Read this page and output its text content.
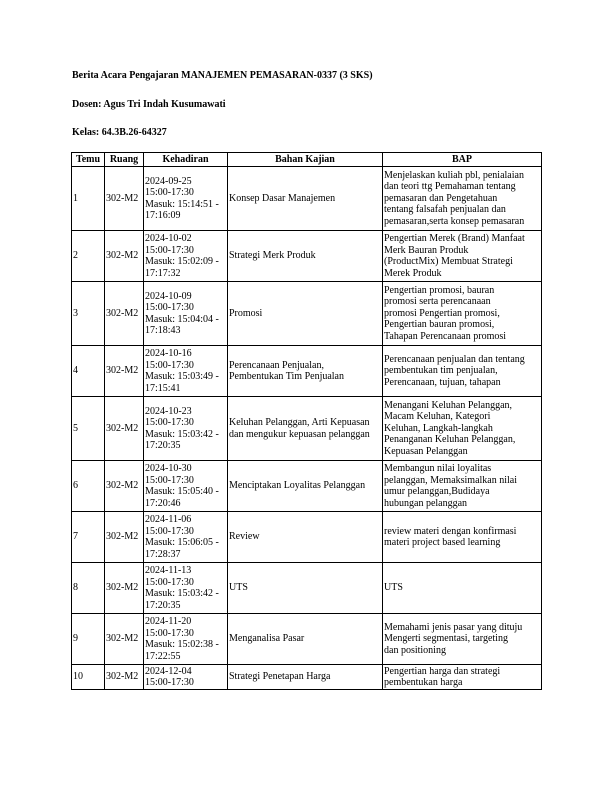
Berita Acara Pengajaran MANAJEMEN PEMASARAN-0337 (3 SKS)
Dosen: Agus Tri Indah Kusumawati
Kelas: 64.3B.26-64327
Temu	Ruang	Kehadiran	Bahan Kajian	BAP
1	302-M2	2024-09-25
15:00-17:30
Masuk: 15:14:51 -
17:16:09	Konsep Dasar Manajemen	Menjelaskan kuliah pbl, penialaian
dan teori ttg Pemahaman tentang
pemasaran dan Pengetahuan
tentang falsafah penjualan dan
pemasaran,serta konsep pemasaran

2	302-M2	2024-10-02
15:00-17:30
Masuk: 15:02:09 -
17:17:32	Strategi Merk Produk	Pengertian Merek (Brand) Manfaat
Merk Bauran Produk
(ProductMix) Membuat Strategi
Merek Produk

3	302-M2	2024-10-09
15:00-17:30
Masuk: 15:04:04 -
17:18:43	Promosi	Pengertian promosi, bauran
promosi serta perencanaan
promosi Pengertian promosi,
Pengertian bauran promosi,
Tahapan Perencanaan promosi

4	302-M2	2024-10-16
15:00-17:30
Masuk: 15:03:49 -
17:15:41	Perencanaan Penjualan,
Pembentukan Tim Penjualan	Perencanaan penjualan dan tentang
pembentukan tim penjualan,
Perencanaan, tujuan, tahapan

5	302-M2	2024-10-23
15:00-17:30
Masuk: 15:03:42 -
17:20:35	Keluhan Pelanggan, Arti Kepuasan
dan mengukur kepuasan pelanggan	Menangani Keluhan Pelanggan,
Macam Keluhan, Kategori
Keluhan, Langkah-langkah
Penanganan Keluhan Pelanggan,
Kepuasan Pelanggan

6	302-M2	2024-10-30
15:00-17:30
Masuk: 15:05:40 -
17:20:46	Menciptakan Loyalitas Pelanggan	Membangun nilai loyalitas
pelanggan, Memaksimalkan nilai
umur pelanggan,Budidaya
hubungan pelanggan

7	302-M2	2024-11-06
15:00-17:30
Masuk: 15:06:05 -
17:28:37	Review	review materi dengan konfirmasi
materi project based learning

8	302-M2	2024-11-13
15:00-17:30
Masuk: 15:03:42 -
17:20:35	UTS	UTS

9	302-M2	2024-11-20
15:00-17:30
Masuk: 15:02:38 -
17:22:55	Menganalisa Pasar	Memahami jenis pasar yang dituju
Mengerti segmentasi, targeting
dan positioning

10	302-M2	2024-12-04
15:00-17:30	Strategi Penetapan Harga	Pengertian harga dan strategi
pembentukan harga
